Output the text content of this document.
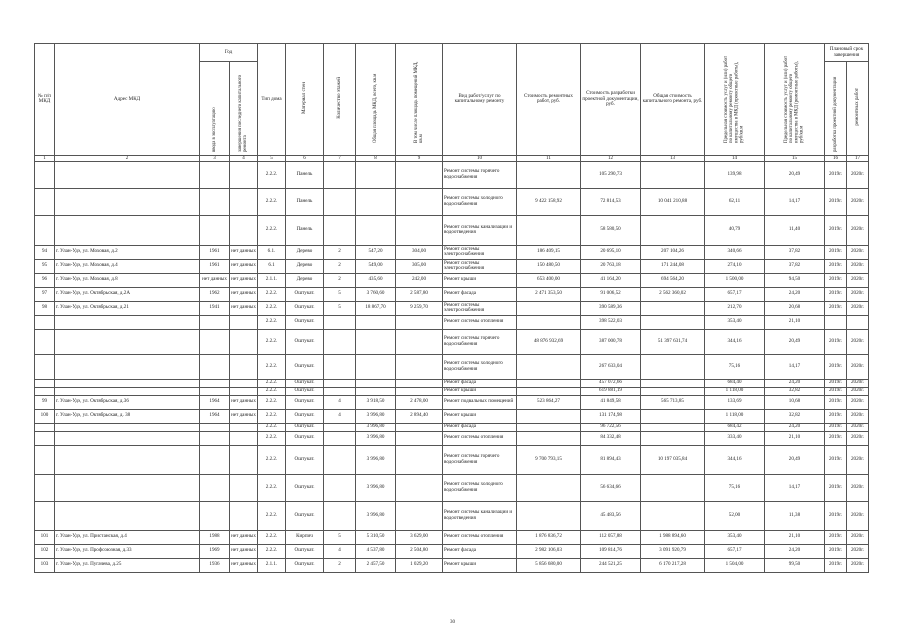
№ п/п МКД	Адрес МКД	Год		Тип дома	Материал стен	Количество этажей	Общая площадь МКД, всего, кв.м	В том числе площадь помещений МКД, кв.м	Вид работ/услуг по капитальному ремонту	Стоимость ремонтных работ, руб.	Стоимость разработки проектной документации, руб.	Общая стоимость капитального ремонта, руб.	Предельная стоимость услуг и (или) работ по капитальному ремонту общего имущества в МКД (проектные работы), руб/кв.м	Предельная стоимость услуг и (или) работ по капитальному ремонту общего имущества в МКД (ремонтные работы), руб/кв.м	Плановый срок завершения	
		ввода в эксплуатацию	завершения последнего капитального ремонта												разработка проектной документации	ремонтных работ
1	2	3	4	5	6	7	8	9	10	11	12	13	14	15	16	17
				2.2.2.	Панель				Ремонт системы горячего водоснабжения		105 290,73		139,98	20,49	2019г.	2020г.
				2.2.2.	Панель				Ремонт системы холодного водоснабжения	9 422 158,92	72 814,53	10 041 210,88	62,11	14,17	2019г.	2020г.
				2.2.2.	Панель				Ремонт системы канализации и водоотведения		58 580,50		40,79	11,40	2019г.	2020г.
94	г. Улан-Удэ, ул. Моховая, д.2	1961	нет данных	6.1.	Дерево	2	547,20	304,00	Ремонт системы электроснабжения	186 409,15	20 695,10	207 104,26	340,66	37,82	2019г.	2020г.
95	г. Улан-Удэ, ул. Моховая, д.4	1961	нет данных	6.1	Дерево	2	549,00	305,00	Ремонт системы электроснабжения	150 480,50	20 763,18	171 244,08	274,10	37,82	2019г.	2020г.
96	г. Улан-Удэ, ул. Моховая, д.8	нет данных	нет данных	2.1.1.	Дерево	2	435,60	242,00	Ремонт крыши	653 400,00	41 164,20	694 564,20	1 500,00	94,50	2019г.	2020г.
97	г. Улан-Удэ, ул. Октябрьская, д.2А	1962	нет данных	2.2.2.	Оштукат.	5	3 760,60	2 587,80	Ремонт фасада	2 471 353,50	91 006,52	2 562 360,02	657,17	24,20	2019г.	2020г.
98	г. Улан-Удэ, ул. Октябрьская, д.21	1941	нет данных	2.2.2.	Оштукат.	5	18 867,70	9 259,70	Ремонт системы электроснабжения		390 589,36		212,70	20,68	2019г.	2020г.
				2.2.2.	Оштукат.				Ремонт системы отопления		398 522,03		353,40	21,10		
				2.2.2.	Оштукат.				Ремонт системы горячего водоснабжения	48 876 932,69	387 000,78	51 397 631,74	344,16	20,49	2019г.	2020г.
				2.2.2.	Оштукат.				Ремонт системы холодного водоснабжения		267 633,04		75,16	14,17	2019г.	2020г.
				2.2.2.	Оштукат.				Ремонт фасада		457 072,66		684,40	24,20	2019г.	2020г.
				2.2.2.	Оштукат.				Ремонт крыши		619 881,19		1 118,00	32,82	2019г.	2020г.
99	г. Улан-Удэ, ул. Октябрьская, д.36	1964	нет данных	2.2.2.	Оштукат.	4	3 918,50	2 478,00	Ремонт подвальных помещений	523 864,27	41 849,58	565 713,85	133,69	10,68	2019г.	2020г.
100	г. Улан-Удэ, ул. Октябрьская, д. 38	1964	нет данных	2.2.2.	Оштукат.	4	3 996,80	2 894,40	Ремонт крыши		131 174,98		1 118,00	32,82	2019г.	2020г.
				2.2.2.	Оштукат.		3 996,80		Ремонт фасада		96 722,56		684,42	24,20	2019г.	2020г.
				2.2.2.	Оштукат.		3 996,80		Ремонт системы отопления		84 332,48		333,40	21,10	2019г.	2020г.
				2.2.2.	Оштукат.		3 996,80		Ремонт системы горячего водоснабжения	9 700 793,15	81 894,43	10 197 035,84	344,16	20,49	2019г.	2020г.
				2.2.2.	Оштукат.		3 996,80		Ремонт системы холодного водоснабжения		56 634,66		75,16	14,17	2019г.	2020г.
				2.2.2.	Оштукат.		3 996,80		Ремонт системы канализации и водоотведения		45 483,56		52,00	11,38	2019г.	2020г.
101	г. Улан-Удэ, ул. Пристанская, д.4	1988	нет данных	2.2.2.	Кирпич	5	5 310,50	3 629,00	Ремонт системы отопления	1 876 836,72	112 057,88	1 988 894,60	353,40	21,10	2019г.	2020г.
102	г. Улан-Удэ, ул. Профсоюзная, д.33	1969	нет данных	2.2.2.	Оштукат.	4	4 537,80	2 504,80	Ремонт фасада	2 982 106,03	109 814,76	3 091 920,79	657,17	24,20	2019г.	2020г.
103	г. Улан-Удэ, ул. Пугачева, д.25	1936	нет данных	2.1.1.	Оштукат.	2	2 457,50	1 029,20	Ремонт крыши	5 856 680,00	244 521,25	6 170 217,28	1 504,00	99,50	2019г.	2020г.
30
